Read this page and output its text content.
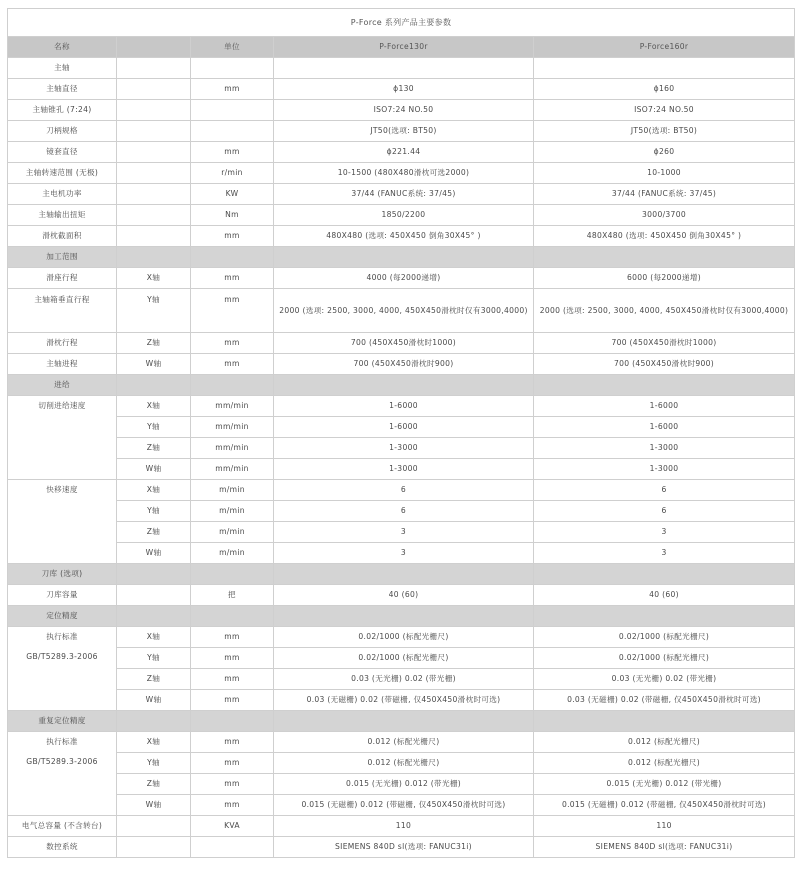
P-Force 系列产品主要参数				
名称		单位	P-Force130r	P-Force160r
主轴				
主轴直径		mm	ϕ130	ϕ160
主轴锥孔 (7:24)			ISO7:24 NO.50	ISO7:24 NO.50
刀柄规格			JT50(选项: BT50)	JT50(选项: BT50)
镜套直径		mm	ϕ221.44	ϕ260
主轴转速范围 (无极)		r/min	10-1500 (480X480滑枕可选2000)	10-1000
主电机功率		KW	37/44 (FANUC系统: 37/45)	37/44 (FANUC系统: 37/45)
主轴输出扭矩		Nm	1850/2200	3000/3700
滑枕截面积		mm	480X480 (选项: 450X450 倒角30X45° )	480X480 (选项: 450X450 倒角30X45° )
加工范围				
滑座行程	X轴	mm	4000 (每2000递增)	6000 (每2000递增)
主轴箱垂直行程	Y轴	mm	2000 (选项: 2500, 3000, 4000, 450X450滑枕时仅有3000,4000)	2000 (选项: 2500, 3000, 4000, 450X450滑枕时仅有3000,4000)
滑枕行程	Z轴	mm	700 (450X450滑枕时1000)	700 (450X450滑枕时1000)
主轴进程	W轴	mm	700 (450X450滑枕时900)	700 (450X450滑枕时900)
进给				
切削进给速度	X轴	mm/min	1-6000	1-6000
	Y轴	mm/min	1-6000	1-6000
	Z轴	mm/min	1-3000	1-3000
	W轴	mm/min	1-3000	1-3000
快移速度	X轴	m/min	6	6
	Y轴	m/min	6	6
	Z轴	m/min	3	3
	W轴	m/min	3	3
刀库 (选项)				
刀库容量		把	40 (60)	40 (60)
定位精度				

执行标准
GB/T5289.3-2006	X轴	mm	0.02/1000 (标配光栅尺)	0.02/1000 (标配光栅尺)
	Y轴	mm	0.02/1000 (标配光栅尺)	0.02/1000 (标配光栅尺)
	Z轴	mm	0.03 (无光栅) 0.02 (带光栅)	0.03 (无光栅) 0.02 (带光栅)
	W轴	mm	0.03 (无磁栅) 0.02 (带磁栅, 仅450X450滑枕时可选)	0.03 (无磁栅) 0.02 (带磁栅, 仅450X450滑枕时可选)
重复定位精度				

执行标准
GB/T5289.3-2006	X轴	mm	0.012 (标配光栅尺)	0.012 (标配光栅尺)
	Y轴	mm	0.012 (标配光栅尺)	0.012 (标配光栅尺)
	Z轴	mm	0.015 (无光栅) 0.012 (带光栅)	0.015 (无光栅) 0.012 (带光栅)
	W轴	mm	0.015 (无磁栅) 0.012 (带磁栅, 仅450X450滑枕时可选)	0.015 (无磁栅) 0.012 (带磁栅, 仅450X450滑枕时可选)
电气总容量 (不含转台)		KVA	110	110
数控系统			SIEMENS 840D sl(选项: FANUC31i)	SIEMENS 840D sl(选项: FANUC31i)
